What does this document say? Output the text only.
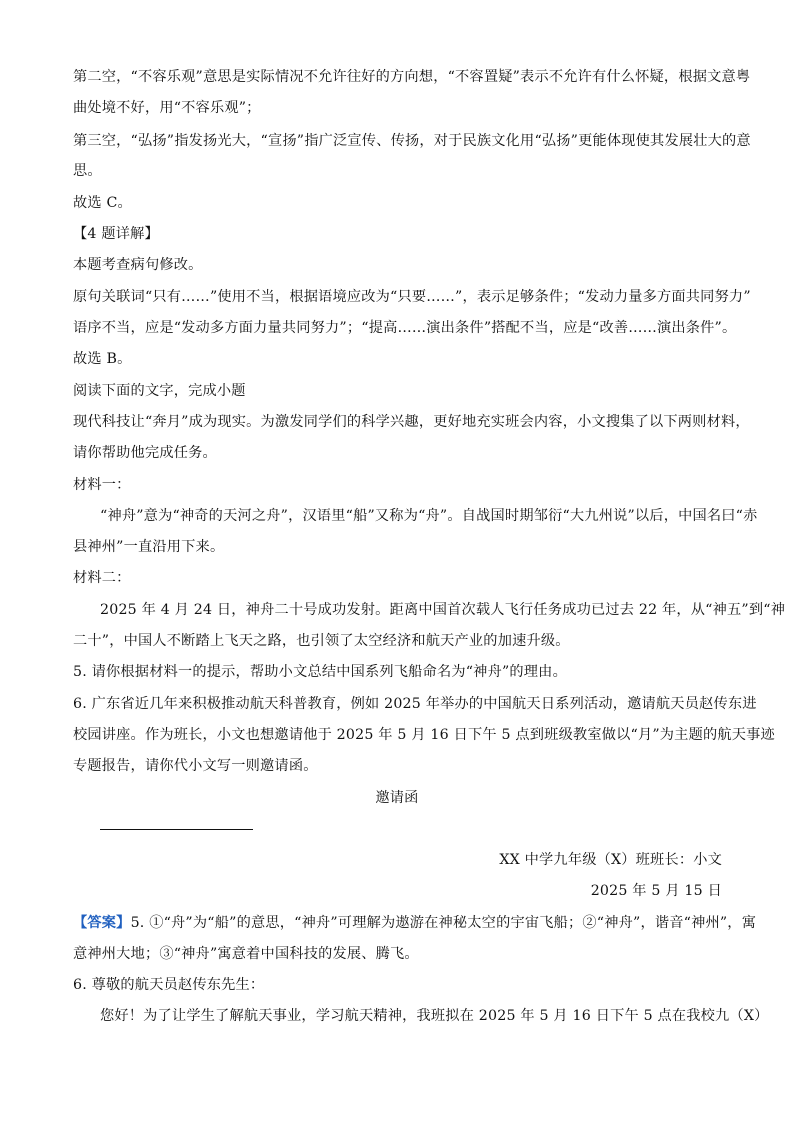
第二空，“不容乐观”意思是实际情况不允许往好的方向想，“不容置疑”表示不允许有什么怀疑，根据文意粤
曲处境不好，用“不容乐观”；
第三空，“弘扬”指发扬光大，“宣扬”指广泛宣传、传扬，对于民族文化用“弘扬”更能体现使其发展壮大的意
思。
故选 C。
【4 题详解】
本题考查病句修改。
原句关联词“只有……”使用不当，根据语境应改为“只要……”，表示足够条件；“发动力量多方面共同努力”
语序不当，应是“发动多方面力量共同努力”；“提高……演出条件”搭配不当，应是“改善……演出条件”。
故选 B。
阅读下面的文字，完成小题
现代科技让“奔月”成为现实。为激发同学们的科学兴趣，更好地充实班会内容，小文搜集了以下两则材料，
请你帮助他完成任务。
材料一：
“神舟”意为“神奇的天河之舟”，汉语里“船”又称为“舟”。自战国时期邹衍“大九州说”以后，中国名曰“赤
县神州”一直沿用下来。
材料二：
2025 年 4 月 24 日，神舟二十号成功发射。距离中国首次载人飞行任务成功已过去 22 年，从“神五”到“神
二十”，中国人不断踏上飞天之路，也引领了太空经济和航天产业的加速升级。
5. 请你根据材料一的提示，帮助小文总结中国系列飞船命名为“神舟”的理由。
6. 广东省近几年来积极推动航天科普教育，例如 2025 年举办的中国航天日系列活动，邀请航天员赵传东进
校园讲座。作为班长，小文也想邀请他于 2025 年 5 月 16 日下午 5 点到班级教室做以“月”为主题的航天事迹
专题报告，请你代小文写一则邀请函。
邀请函
XX 中学九年级（X）班班长：小文
2025 年 5 月 15 日
【答案】5. ①“舟”为“船”的意思，“神舟”可理解为遨游在神秘太空的宇宙飞船；②“神舟”，谐音“神州”，寓
意神州大地；③“神舟”寓意着中国科技的发展、腾飞。
6. 尊敬的航天员赵传东先生：
您好！为了让学生了解航天事业，学习航天精神，我班拟在 2025 年 5 月 16 日下午 5 点在我校九（X）
